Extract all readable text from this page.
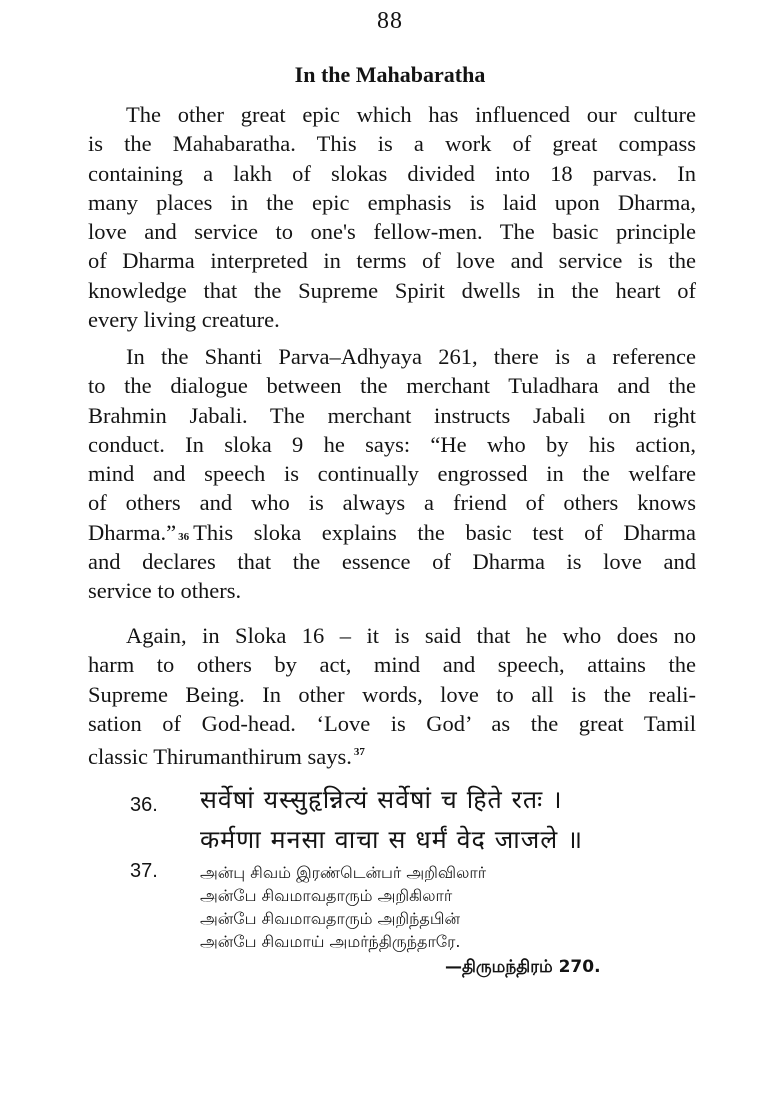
88
In the Mahabaratha
The other great epic which has influenced our culture
is the Mahabaratha. This is a work of great compass
containing a lakh of slokas divided into 18 parvas. In
many places in the epic emphasis is laid upon Dharma,
love and service to one's fellow-men. The basic principle
of Dharma interpreted in terms of love and service is the
knowledge that the Supreme Spirit dwells in the heart of
every living creature.
In the Shanti Parva–Adhyaya 261, there is a reference
to the dialogue between the merchant Tuladhara and the
Brahmin Jabali. The merchant instructs Jabali on right
conduct. In sloka 9 he says: “He who by his action,
mind and speech is continually engrossed in the welfare
of others and who is always a friend of others knows
Dharma.” 36 This sloka explains the basic test of Dharma
and declares that the essence of Dharma is love and
service to others.
Again, in Sloka 16 – it is said that he who does no
harm to others by act, mind and speech, attains the
Supreme Being. In other words, love to all is the reali-
sation of God-head. ‘Love is God’ as the great Tamil
classic Thirumanthirum says. $^{37}$
36. सर्वेषां यस्सुहृन्नित्यं सर्वेषां च हिते रतः ।
कर्मणा मनसा वाचा स धर्मं वेद जाजले ॥
37.	அன்பு சிவம் இரண்டென்பர் அறிவிலார்
அன்பே சிவமாவதாரும் அறிகிலார்
அன்பே சிவமாவதாரும் அறிந்தபின்
அன்பே சிவமாய் அமர்ந்திருந்தாரே.
—திருமந்திரம் 270.
